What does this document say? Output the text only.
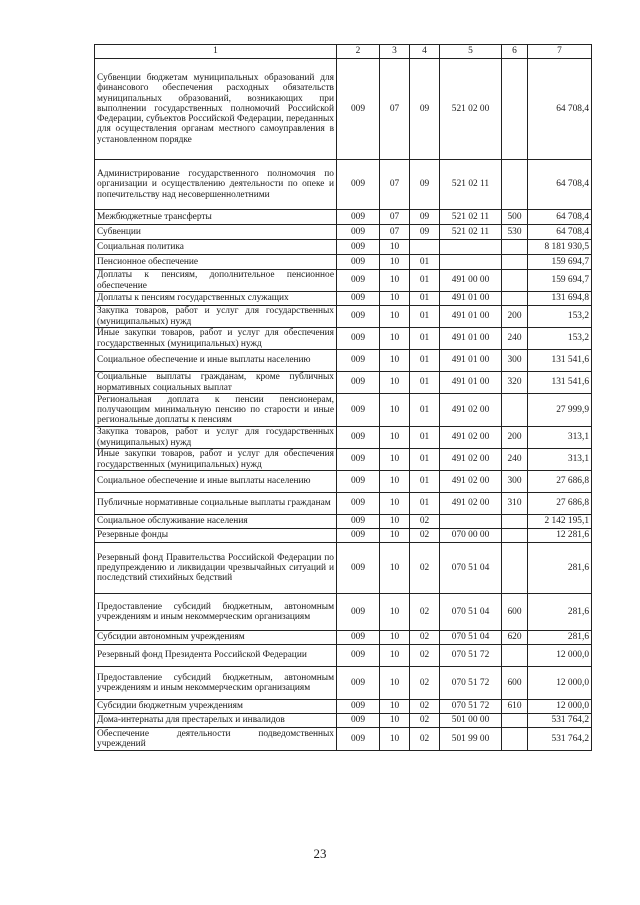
1	2	3	4	5	6	7
Субвенции бюджетам муниципальных образований для финансового обеспечения расходных обязательств муниципальных образований, возникающих при выполнении государственных полномочий Российской Федерации, субъектов Российской Федерации, переданных для осуществления органам местного самоуправления в установленном порядке	009	07	09	521 02 00		64 708,4
Администрирование государственного полномочия по организации и осуществлению деятельности по опеке и попечительству над несовершеннолетними	009	07	09	521 02 11		64 708,4
Межбюджетные трансферты	009	07	09	521 02 11	500	64 708,4
Субвенции	009	07	09	521 02 11	530	64 708,4
Социальная политика	009	10				8 181 930,5
Пенсионное обеспечение	009	10	01			159 694,7
Доплаты к пенсиям, дополнительное пенсионное обеспечение	009	10	01	491 00 00		159 694,7
Доплаты к пенсиям государственных служащих	009	10	01	491 01 00		131 694,8
Закупка товаров, работ и услуг для государственных (муниципальных) нужд	009	10	01	491 01 00	200	153,2
Иные закупки товаров, работ и услуг для обеспечения государственных (муниципальных) нужд	009	10	01	491 01 00	240	153,2
Социальное обеспечение и иные выплаты населению	009	10	01	491 01 00	300	131 541,6
Социальные выплаты гражданам, кроме публичных нормативных социальных выплат	009	10	01	491 01 00	320	131 541,6
Региональная доплата к пенсии пенсионерам, получающим минимальную пенсию по старости и иные региональные доплаты к пенсиям	009	10	01	491 02 00		27 999,9
Закупка товаров, работ и услуг для государственных (муниципальных) нужд	009	10	01	491 02 00	200	313,1
Иные закупки товаров, работ и услуг для обеспечения государственных (муниципальных) нужд	009	10	01	491 02 00	240	313,1
Социальное обеспечение и иные выплаты населению	009	10	01	491 02 00	300	27 686,8
Публичные нормативные социальные выплаты гражданам	009	10	01	491 02 00	310	27 686,8
Социальное обслуживание населения	009	10	02			2 142 195,1
Резервные фонды	009	10	02	070 00 00		12 281,6
Резервный фонд Правительства Российской Федерации по предупреждению и ликвидации чрезвычайных ситуаций и последствий стихийных бедствий	009	10	02	070 51 04		281,6
Предоставление субсидий бюджетным, автономным учреждениям и иным некоммерческим организациям	009	10	02	070 51 04	600	281,6
Субсидии автономным учреждениям	009	10	02	070 51 04	620	281,6
Резервный фонд Президента Российской Федерации	009	10	02	070 51 72		12 000,0
Предоставление субсидий бюджетным, автономным учреждениям и иным некоммерческим организациям	009	10	02	070 51 72	600	12 000,0
Субсидии бюджетным учреждениям	009	10	02	070 51 72	610	12 000,0
Дома-интернаты для престарелых и инвалидов	009	10	02	501 00 00		531 764,2
Обеспечение деятельности подведомственных учреждений	009	10	02	501 99 00		531 764,2
23
